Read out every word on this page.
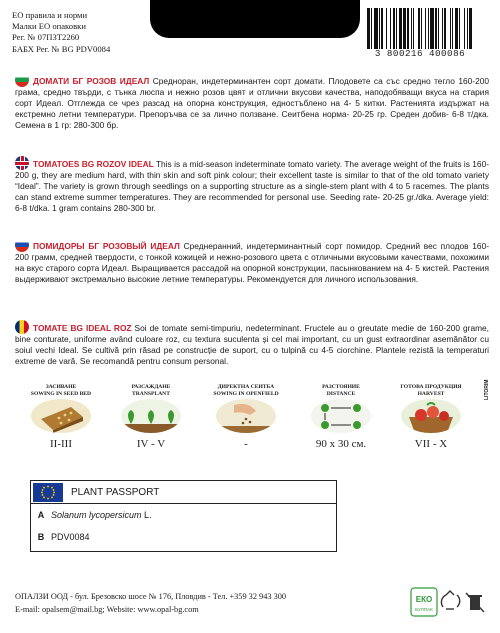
ЕО правила и норми
Малки ЕО опаковки
Рег. № 07ПЗТ2260
БАБХ Рег. № BG PDV0084	3 800216 400086
ДОМАТИ БГ РОЗОВ ИДЕАЛ Средноран, индетерминантен сорт домати. Плодовете са със средно тегло 160-200 грама, средно твърди, с тънка люспа и нежно розов цвят и отлични вкусови качества, наподобяващи вкуса на стария сорт Идеал. Отглежда се чрез разсад на опорна конструкция, едностъблено на 4- 5 китки. Растенията издържат на екстремно летни температури. Препоръчва се за лично ползване. Сеитбена норма- 20-25 гр. Среден добив- 6-8 т/дка. Семена в 1 гр: 280-300 бр.
TOMATOES BG ROZOV IDEAL This is a mid-season indeterminate tomato variety. The average weight of the fruits is 160-200 g, they are medium hard, with thin skin and soft pink colour; their excellent taste is similar to that of the old tomato variety “Ideal”. The variety is grown through seedlings on a supporting structure as a single-stem plant with 4 to 5 racemes. The plants can stand extreme summer temperatures. They are recommended for personal use. Seeding rate- 20-25 gr./dka. Average yield: 6-8 t/dka. 1 gram contains 280-300 br.
ПОМИДОРЫ БГ РОЗОВЫЙ ИДЕАЛ Среднеранний, индетерминантный сорт помидор. Средний вес плодов 160- 200 грамм, средней твердости, с тонкой кожицей и нежно-розового цвета с отличными вкусовыми качествами, похожими на вкус старого сорта Идеал. Выращивается рассадой на опорной конструкции, пасынкованием на 4- 5 кистей. Растения выдерживают экстремально высокие летние температуры. Рекомендуется для личного использования.
TOMATE BG IDEAL ROZ Soi de tomate semi-timpuriu, nedeterminant. Fructele au o greutate medie de 160-200 grame, bine conturate, uniforme având culoare roz, cu textura suculenta și cel mai important, cu un gust extraordinar asemănător cu soiul vechi Ideal. Se cultivă prin răsad pe construcție de suport, cu o tulpină cu 4-5 ciorchine. Plantele rezistă la temperaturi extreme de vară. Se recomandă pentru consum personal.
ЗАСИВАНЕ
SOWING IN SEED BED
II-III
РАЗСАЖДАНЕ
TRANSPLANT
IV - V
ДИРЕКТНА СЕИТБА
SOWING IN OPENFIELD
-
РАЗСТОЯНИЕ
DISTANCE
90 х 30 cм.
ГОТОВА ПРОДУКЦИЯ
HARVEST
VII - X
LITORIM
PLANT PASSPORT
A Solanum lycopersicum L.
B PDV0084
ОПАЛЗИ ООД - бул. Брезовско шосе № 176, Пловдив - Тел. +359 32 943 300
E-mail: opalsem@mail.bg; Website: www.opal-bg.com
ЕКО
БУЛПАК
